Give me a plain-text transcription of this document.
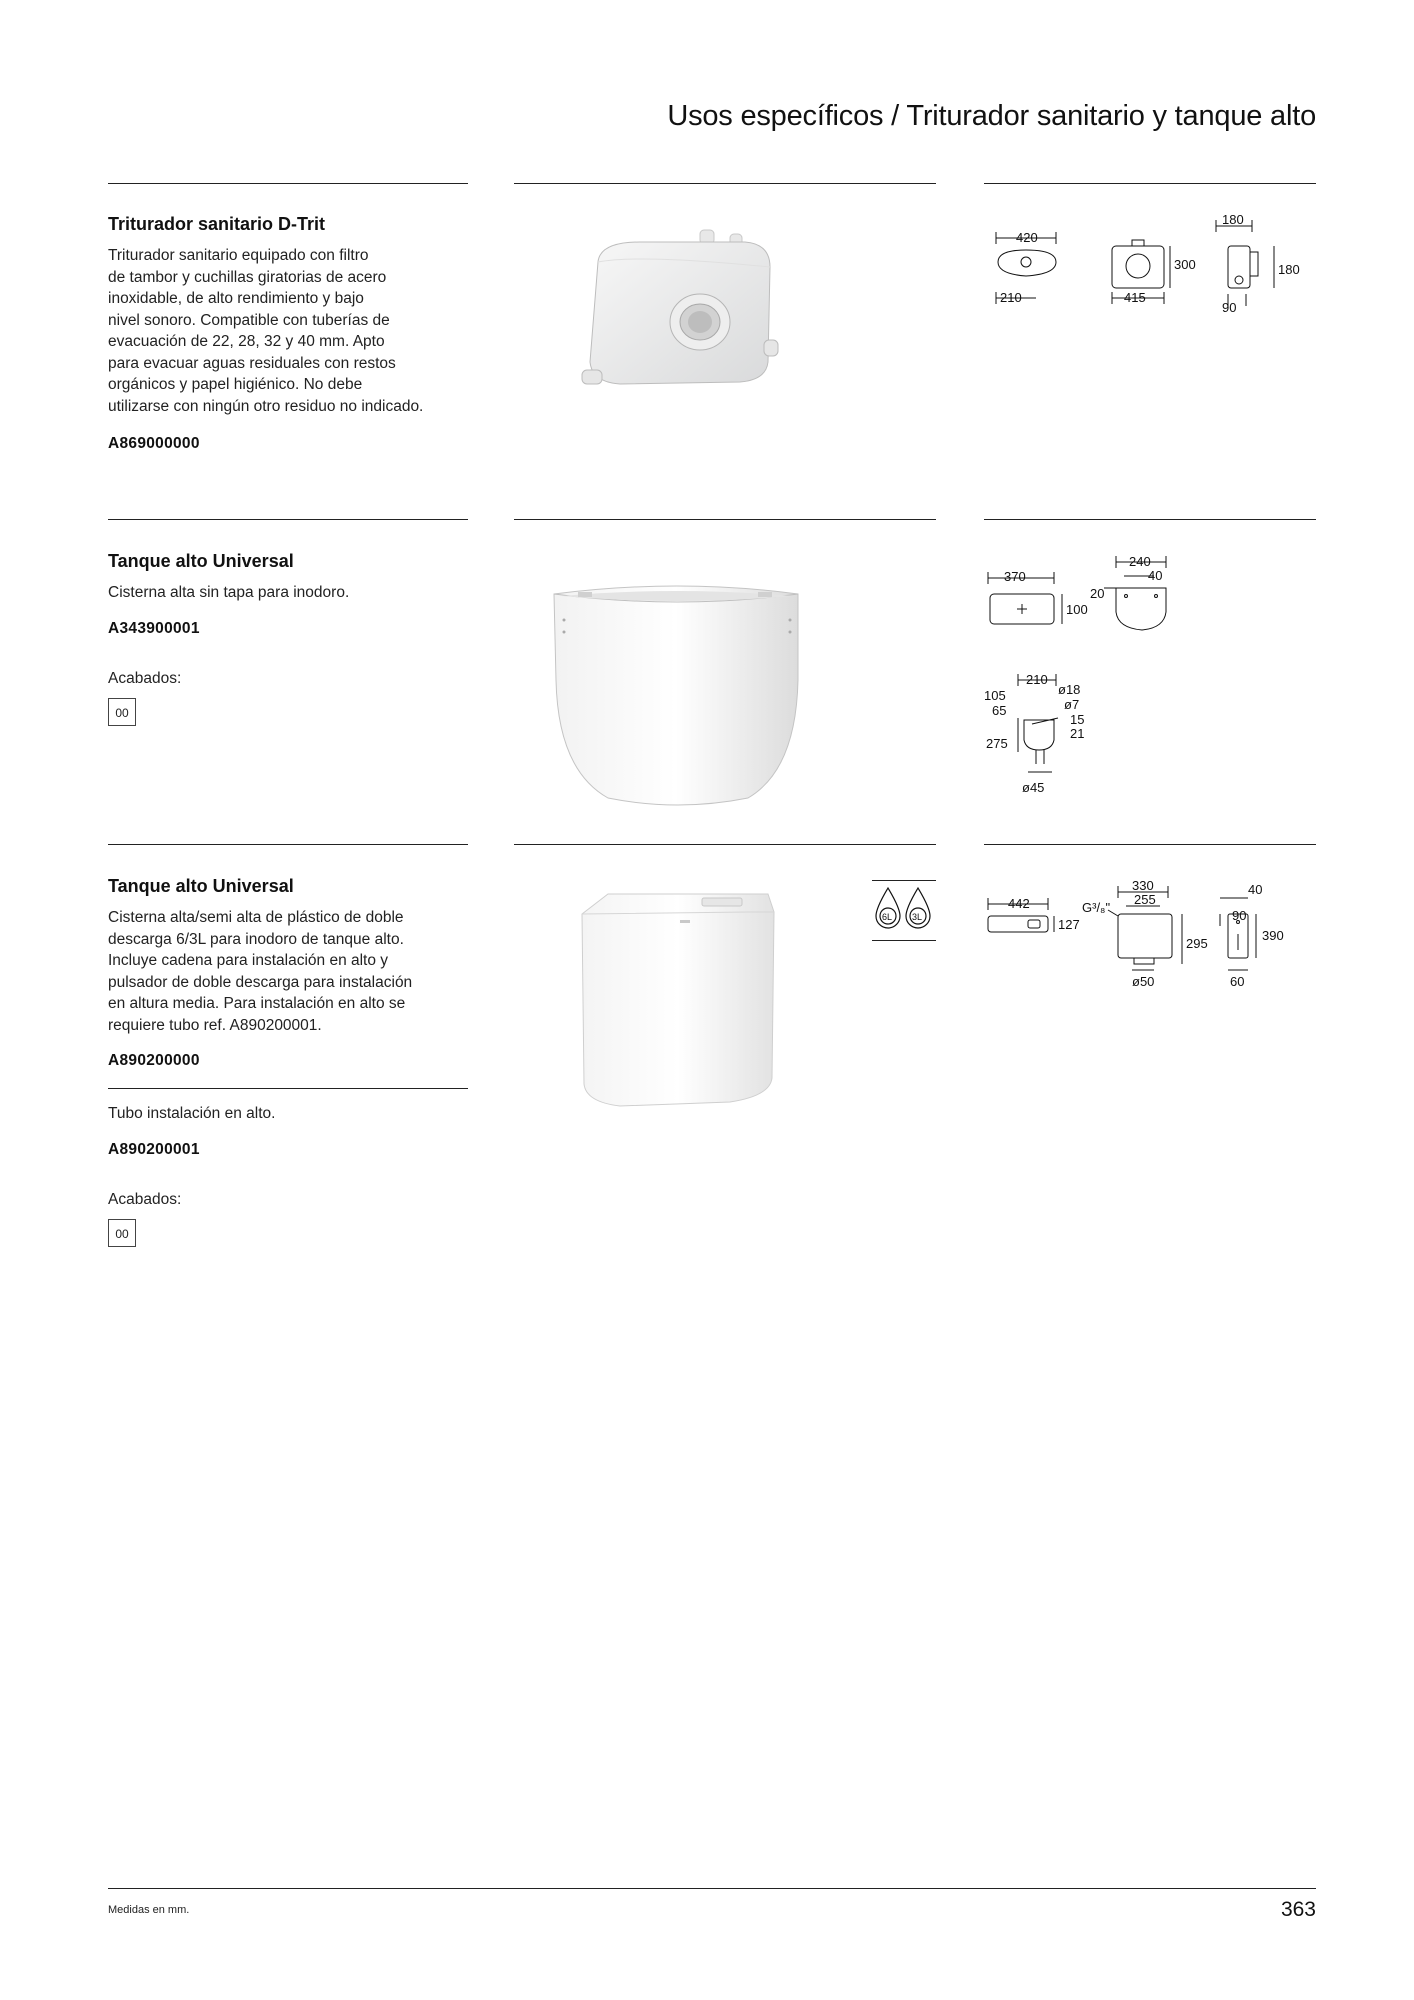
Usos específicos / Triturador sanitario y tanque alto

Triturador sanitario D-Trit

Triturador sanitario equipado con filtro
de tambor y cuchillas giratorias de acero
inoxidable, de alto rendimiento y bajo
nivel sonoro. Compatible con tuberías de
evacuación de 22, 28, 32 y 40 mm. Apto
para evacuar aguas residuales con restos
orgánicos y papel higiénico. No debe
utilizarse con ningún otro residuo no indicado.

A869000000

420
210	415
300
180
180
90

Tanque alto Universal

Cisterna alta sin tapa para inodoro.

A343900001

Acabados:

00
370
100
240
40
20
210
105
65
ø18
ø7
15
21
275
ø45

Tanque alto Universal

Cisterna alta/semi alta de plástico de doble
descarga 6/3L para inodoro de tanque alto.
Incluye cadena para instalación en alto y
pulsador de doble descarga para instalación
en altura media. Para instalación en alto se
requiere tubo ref. A890200001.

A890200000

Tubo instalación en alto.

A890200001

Acabados:

00
6L 3L
442
127
330
255
G³/₈"
295
ø50
40
90
390
60
Medidas en mm.	363
